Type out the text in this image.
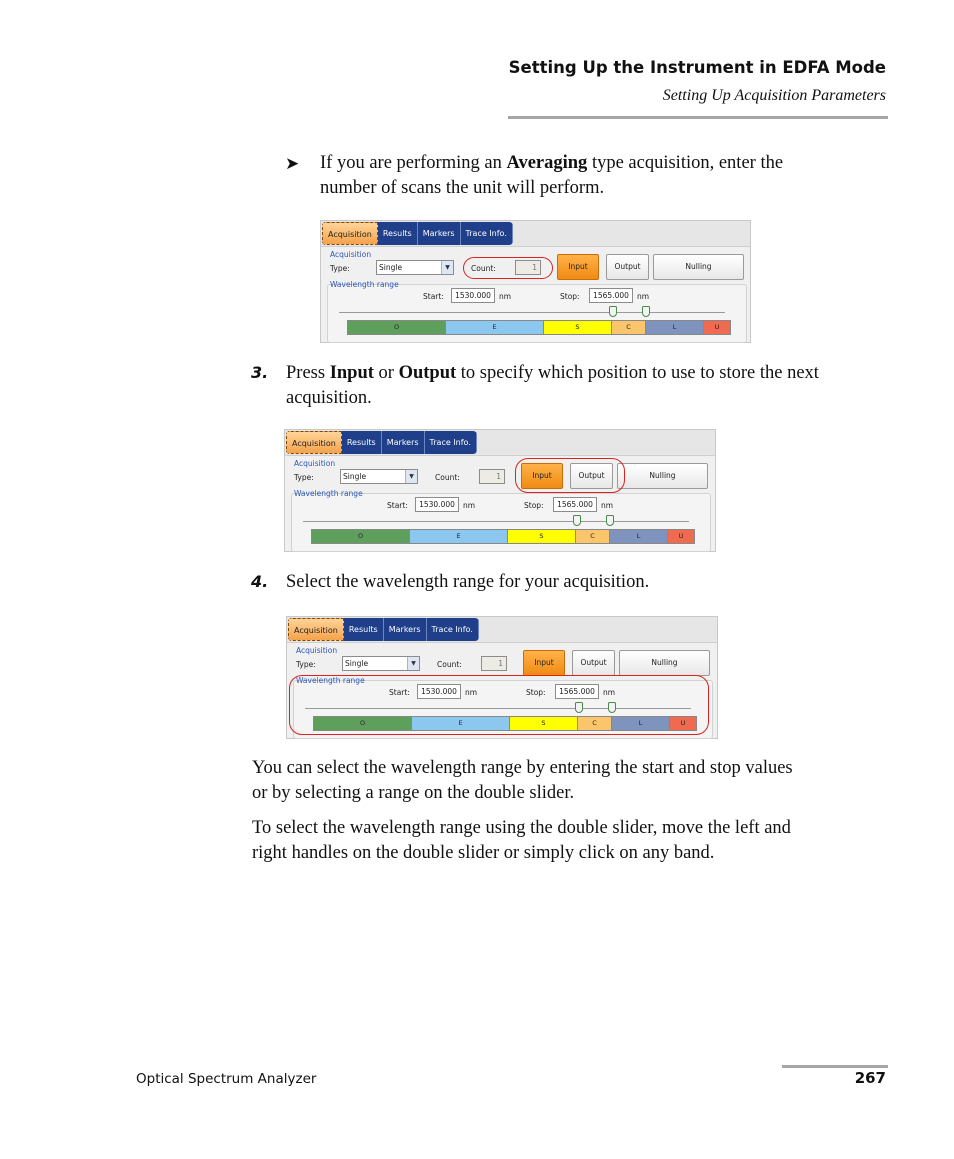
Setting Up the Instrument in EDFA Mode
Setting Up Acquisition Parameters
➤ If you are performing an Averaging type acquisition, enter the
number of scans the unit will perform.
3. Press Input or Output to specify which position to use to store the next
acquisition.
4. Select the wavelength range for your acquisition.
You can select the wavelength range by entering the start and stop values
or by selecting a range on the double slider.
To select the wavelength range using the double slider, move the left and
right handles on the double slider or simply click on any band.
Optical Spectrum Analyzer	267
Acquisition	Results	Markers	Trace Info.
Acquisition
Type:	Single	▼	Count:	1	Input	Output	Nulling
Wavelength range
Start:	1530.000	nm	Stop:	1565.000	nm
O	E	S	C	L	U
Acquisition	Results	Markers	Trace Info.
Acquisition
Type:	Single	▼	Count:	1	Input	Output	Nulling
Wavelength range
Start:	1530.000	nm	Stop:	1565.000	nm
O	E	S	C	L	U
Acquisition	Results	Markers	Trace Info.
Acquisition
Type:	Single	▼	Count:	1	Input	Output	Nulling
Wavelength range
Start:	1530.000	nm	Stop:	1565.000	nm
O	E	S	C	L	U
